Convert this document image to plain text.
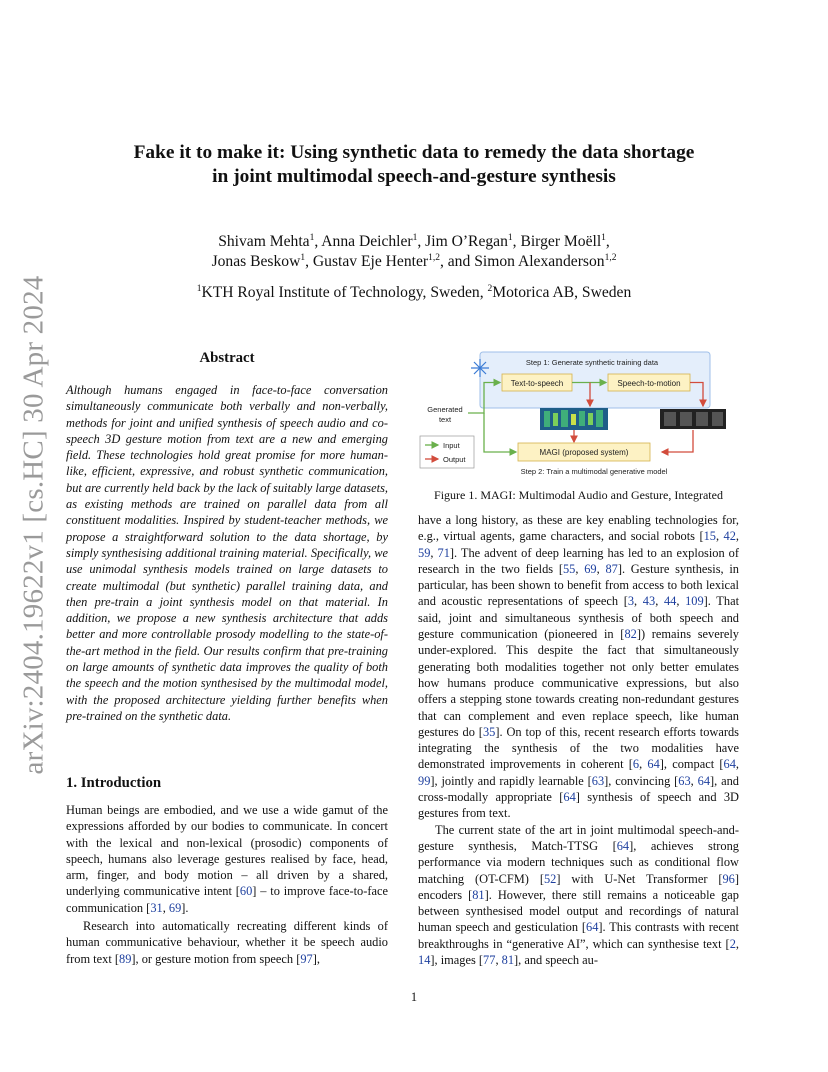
arXiv:2404.19622v1 [cs.HC] 30 Apr 2024
Fake it to make it: Using synthetic data to remedy the data shortage
in joint multimodal speech-and-gesture synthesis
Shivam Mehta$^1$, Anna Deichler$^1$, Jim O’Regan$^1$, Birger Moëll$^1$,
Jonas Beskow$^1$, Gustav Eje Henter$^{1,2}$, and Simon Alexanderson$^{1,2}$
$^1$KTH Royal Institute of Technology, Sweden, $^2$Motorica AB, Sweden
Abstract
Although humans engaged in face-to-face conversation simultaneously communicate both verbally and non-verbally, methods for joint and unified synthesis of speech audio and co-speech 3D gesture motion from text are a new and emerging field. These technologies hold great promise for more human-like, efficient, expressive, and robust synthetic communication, but are currently held back by the lack of suitably large datasets, as existing methods are trained on parallel data from all constituent modalities. Inspired by student-teacher methods, we propose a straightforward solution to the data shortage, by simply synthesising additional training material. Specifically, we use unimodal synthesis models trained on large datasets to create multimodal (but synthetic) parallel training data, and then pre-train a joint synthesis model on that material. In addition, we propose a new synthesis architecture that adds better and more controllable prosody modelling to the state-of-the-art method in the field. Our results confirm that pre-training on large amounts of synthetic data improves the quality of both the speech and the motion synthesised by the multimodal model, with the proposed architecture yielding further benefits when pre-trained on the synthetic data.
1. Introduction

Human beings are embodied, and we use a wide gamut of the expressions afforded by our bodies to communicate. In concert with the lexical and non-lexical (prosodic) components of speech, humans also leverage gestures realised by face, head, arm, finger, and body motion – all driven by a shared, underlying communicative intent [60] – to improve face-to-face communication [31, 69].

Research into automatically recreating different kinds of human communicative behaviour, whether it be speech audio from text [89], or gesture motion from speech [97],

Step 1: Generate synthetic training data
Text-to-speech	Speech-to-motion
Generated
text
MAGI (proposed system)
Step 2: Train a multimodal generative model
Input
Output
Figure 1. MAGI: Multimodal Audio and Gesture, Integrated

have a long history, as these are key enabling technologies for, e.g., virtual agents, game characters, and social robots [15, 42, 59, 71]. The advent of deep learning has led to an explosion of research in the two fields [55, 69, 87]. Gesture synthesis, in particular, has been shown to benefit from access to both lexical and acoustic representations of speech [3, 43, 44, 109]. That said, joint and simultaneous synthesis of both speech and gesture communication (pioneered in [82]) remains severely under-explored. This despite the fact that simultaneously generating both modalities together not only better emulates how humans produce communicative expressions, but also offers a stepping stone towards creating non-redundant gestures that can complement and even replace speech, like human gestures do [35]. On top of this, recent research efforts towards integrating the synthesis of the two modalities have demonstrated improvements in coherent [6, 64], compact [64, 99], jointly and rapidly learnable [63], convincing [63, 64], and cross-modally appropriate [64] synthesis of speech and 3D gestures from text.

The current state of the art in joint multimodal speech-and-gesture synthesis, Match-TTSG [64], achieves strong performance via modern techniques such as conditional flow matching (OT-CFM) [52] with U-Net Transformer [96] encoders [81]. However, there still remains a noticeable gap between synthesised model output and recordings of natural human speech and gesticulation [64]. This contrasts with recent breakthroughs in “generative AI”, which can synthesise text [2, 14], images [77, 81], and speech au-

1
